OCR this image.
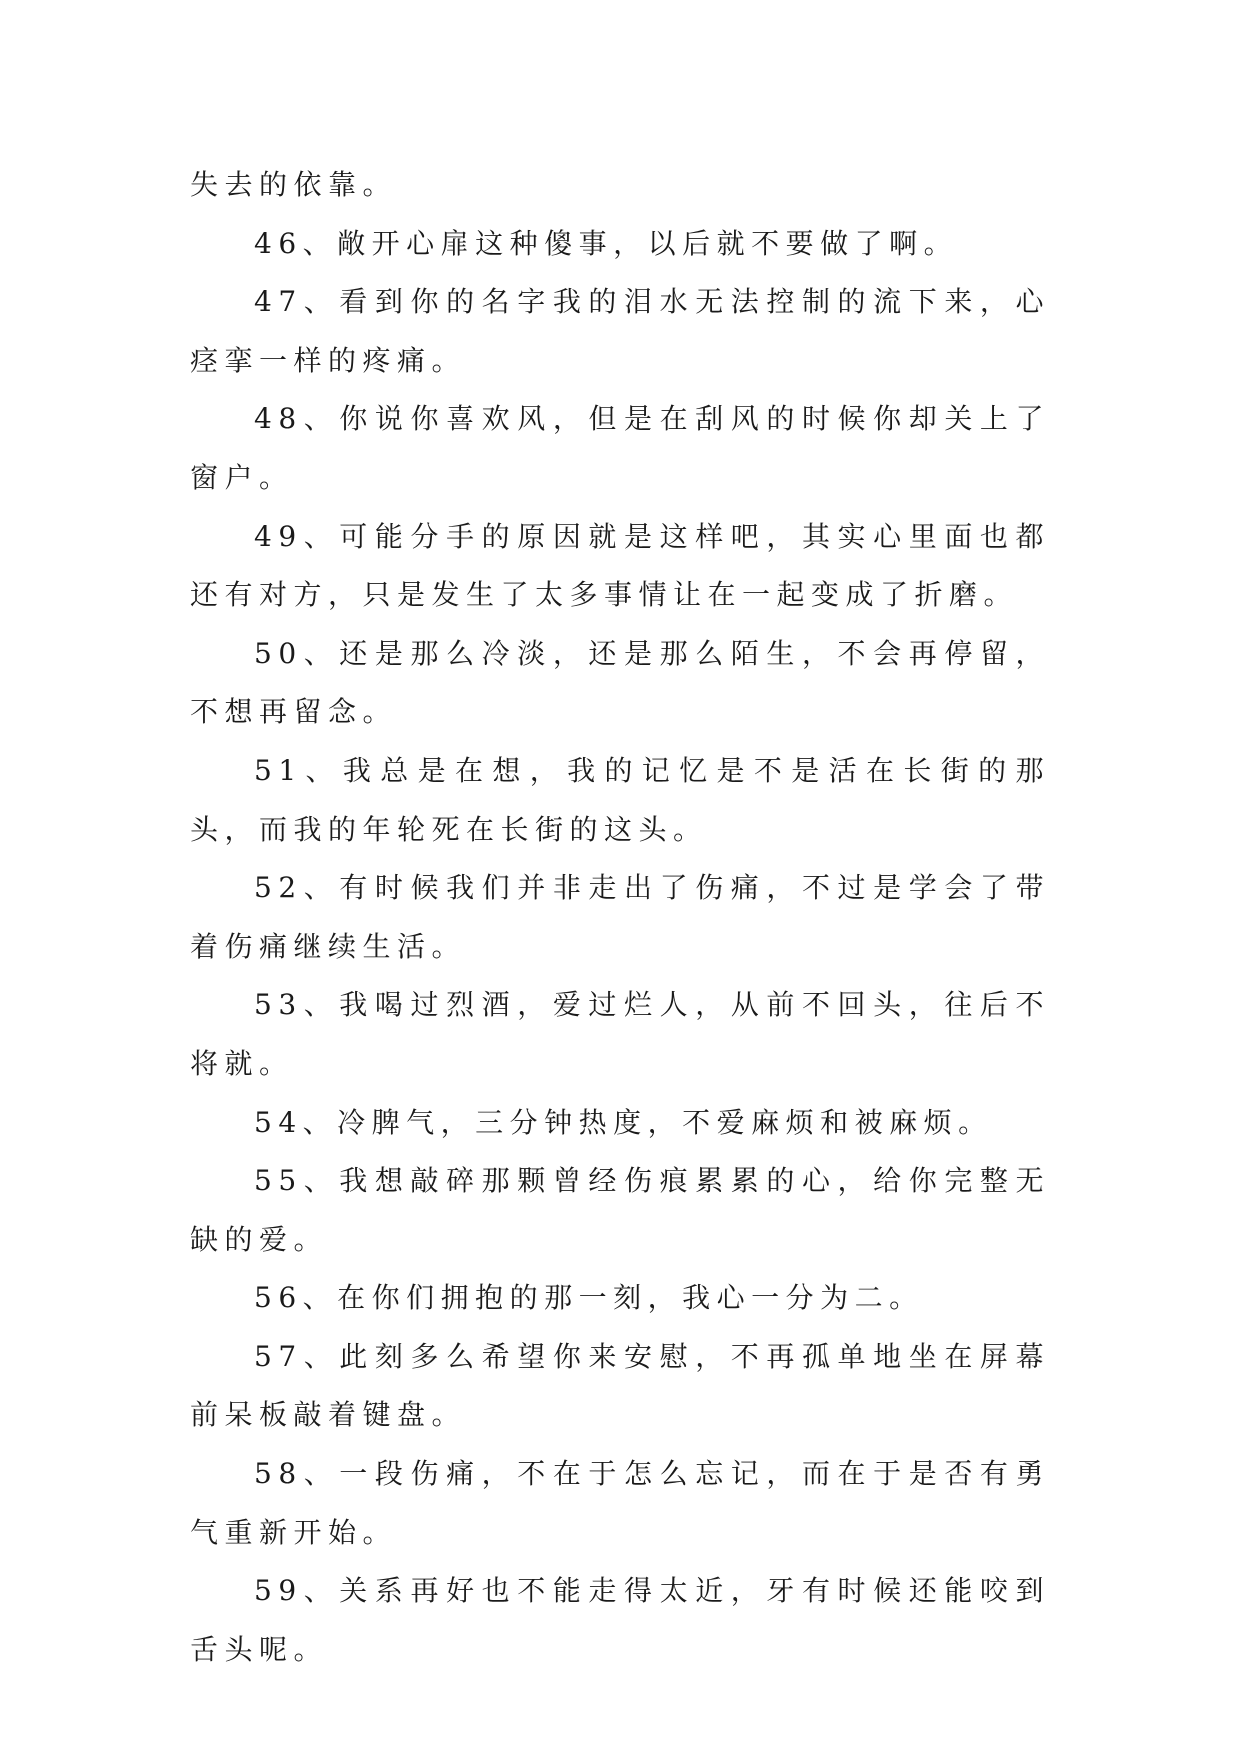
失去的依靠。

46、敞开心扉这种傻事，以后就不要做了啊。

47、看到你的名字我的泪水无法控制的流下来，心痉挛一样的疼痛。

48、你说你喜欢风，但是在刮风的时候你却关上了窗户。

49、可能分手的原因就是这样吧，其实心里面也都还有对方，只是发生了太多事情让在一起变成了折磨。

50、还是那么冷淡，还是那么陌生，不会再停留，不想再留念。

51、我总是在想，我的记忆是不是活在长街的那头，而我的年轮死在长街的这头。

52、有时候我们并非走出了伤痛，不过是学会了带着伤痛继续生活。

53、我喝过烈酒，爱过烂人，从前不回头，往后不将就。

54、冷脾气，三分钟热度，不爱麻烦和被麻烦。

55、我想敲碎那颗曾经伤痕累累的心，给你完整无缺的爱。

56、在你们拥抱的那一刻，我心一分为二。

57、此刻多么希望你来安慰，不再孤单地坐在屏幕前呆板敲着键盘。

58、一段伤痛，不在于怎么忘记，而在于是否有勇气重新开始。

59、关系再好也不能走得太近，牙有时候还能咬到舌头呢。
